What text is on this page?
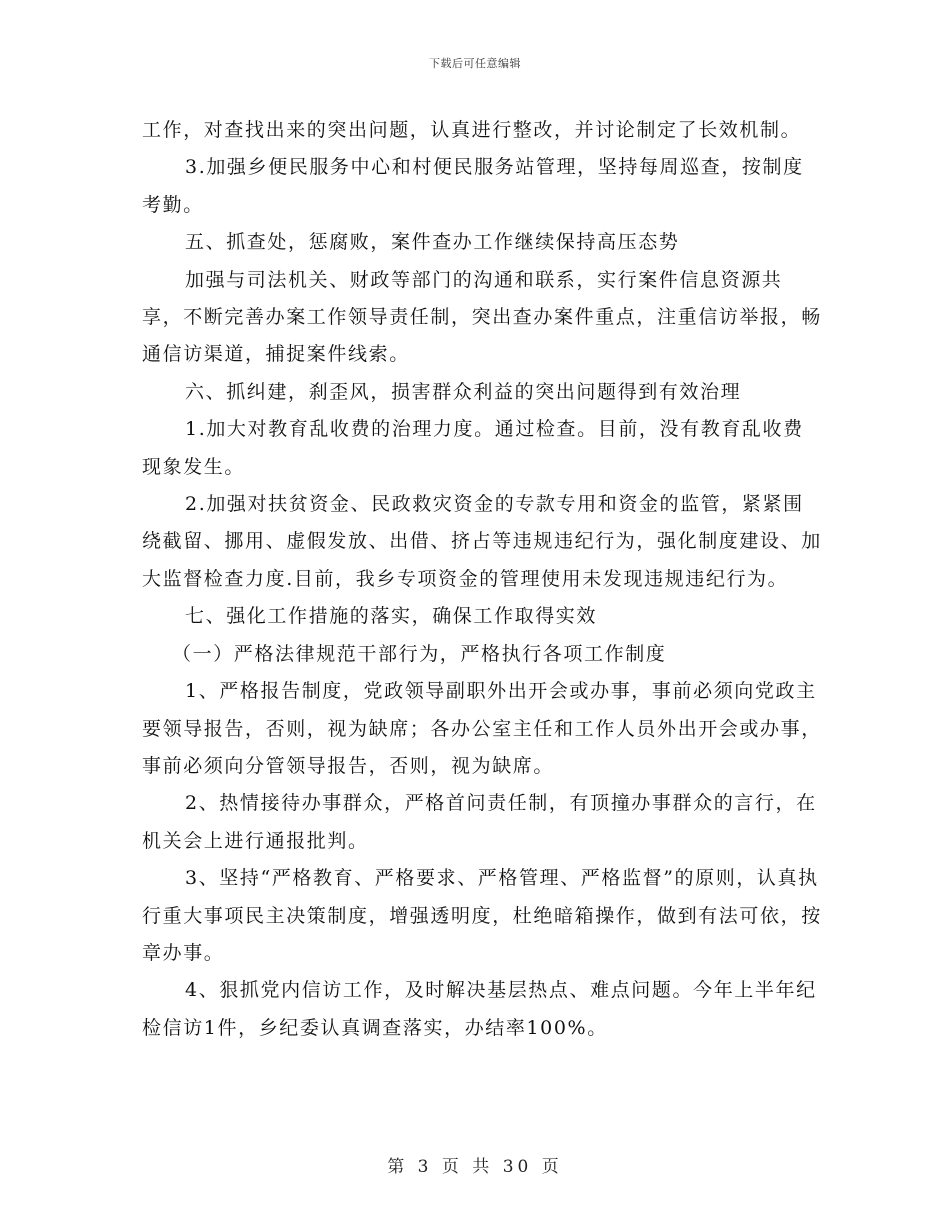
下载后可任意编辑

工作，对查找出来的突出问题，认真进行整改，并讨论制定了长效机制。

3.加强乡便民服务中心和村便民服务站管理，坚持每周巡查，按制度考勤。

五、抓查处，惩腐败，案件查办工作继续保持高压态势

加强与司法机关、财政等部门的沟通和联系，实行案件信息资源共享，不断完善办案工作领导责任制，突出查办案件重点，注重信访举报，畅通信访渠道，捕捉案件线索。

六、抓纠建，刹歪风，损害群众利益的突出问题得到有效治理

1.加大对教育乱收费的治理力度。通过检查。目前，没有教育乱收费现象发生。

2.加强对扶贫资金、民政救灾资金的专款专用和资金的监管，紧紧围绕截留、挪用、虚假发放、出借、挤占等违规违纪行为，强化制度建设、加大监督检查力度.目前，我乡专项资金的管理使用未发现违规违纪行为。

七、强化工作措施的落实，确保工作取得实效

（一）严格法律规范干部行为，严格执行各项工作制度

1、严格报告制度，党政领导副职外出开会或办事，事前必须向党政主要领导报告，否则，视为缺席；各办公室主任和工作人员外出开会或办事，事前必须向分管领导报告，否则，视为缺席。

2、热情接待办事群众，严格首问责任制，有顶撞办事群众的言行，在机关会上进行通报批判。

3、坚持“严格教育、严格要求、严格管理、严格监督”的原则，认真执行重大事项民主决策制度，增强透明度，杜绝暗箱操作，做到有法可依，按章办事。

4、狠抓党内信访工作，及时解决基层热点、难点问题。今年上半年纪检信访1件，乡纪委认真调查落实，办结率100%。

第 3 页 共 30 页
